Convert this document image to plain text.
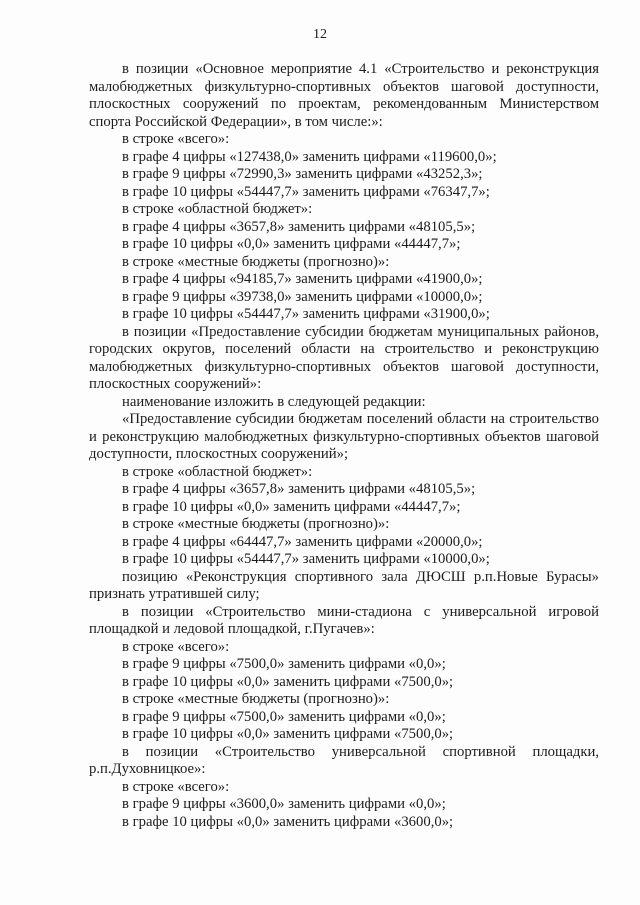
12
в позиции «Основное мероприятие 4.1 «Строительство и реконструкция
малобюджетных физкультурно-спортивных объектов шаговой доступности,
плоскостных сооружений по проектам, рекомендованным Министерством
спорта Российской Федерации», в том числе:»:
в строке «всего»:
в графе 4 цифры «127438,0» заменить цифрами «119600,0»;
в графе 9 цифры «72990,3» заменить цифрами «43252,3»;
в графе 10 цифры «54447,7» заменить цифрами «76347,7»;
в строке «областной бюджет»:
в графе 4 цифры «3657,8» заменить цифрами «48105,5»;
в графе 10 цифры «0,0» заменить цифрами «44447,7»;
в строке «местные бюджеты (прогнозно)»:
в графе 4 цифры «94185,7» заменить цифрами «41900,0»;
в графе 9 цифры «39738,0» заменить цифрами «10000,0»;
в графе 10 цифры «54447,7» заменить цифрами «31900,0»;
в позиции «Предоставление субсидии бюджетам муниципальных районов,
городских округов, поселений области на строительство и реконструкцию
малобюджетных физкультурно-спортивных объектов шаговой доступности,
плоскостных сооружений»:
наименование изложить в следующей редакции:
«Предоставление субсидии бюджетам поселений области на строительство
и реконструкцию малобюджетных физкультурно-спортивных объектов шаговой
доступности, плоскостных сооружений»;
в строке «областной бюджет»:
в графе 4 цифры «3657,8» заменить цифрами «48105,5»;
в графе 10 цифры «0,0» заменить цифрами «44447,7»;
в строке «местные бюджеты (прогнозно)»:
в графе 4 цифры «64447,7» заменить цифрами «20000,0»;
в графе 10 цифры «54447,7» заменить цифрами «10000,0»;
позицию «Реконструкция спортивного зала ДЮСШ р.п.Новые Бурасы»
признать утратившей силу;
в позиции «Строительство мини-стадиона с универсальной игровой
площадкой и ледовой площадкой, г.Пугачев»:
в строке «всего»:
в графе 9 цифры «7500,0» заменить цифрами «0,0»;
в графе 10 цифры «0,0» заменить цифрами «7500,0»;
в строке «местные бюджеты (прогнозно)»:
в графе 9 цифры «7500,0» заменить цифрами «0,0»;
в графе 10 цифры «0,0» заменить цифрами «7500,0»;
в позиции «Строительство универсальной спортивной площадки,
р.п.Духовницкое»:
в строке «всего»:
в графе 9 цифры «3600,0» заменить цифрами «0,0»;
в графе 10 цифры «0,0» заменить цифрами «3600,0»;
